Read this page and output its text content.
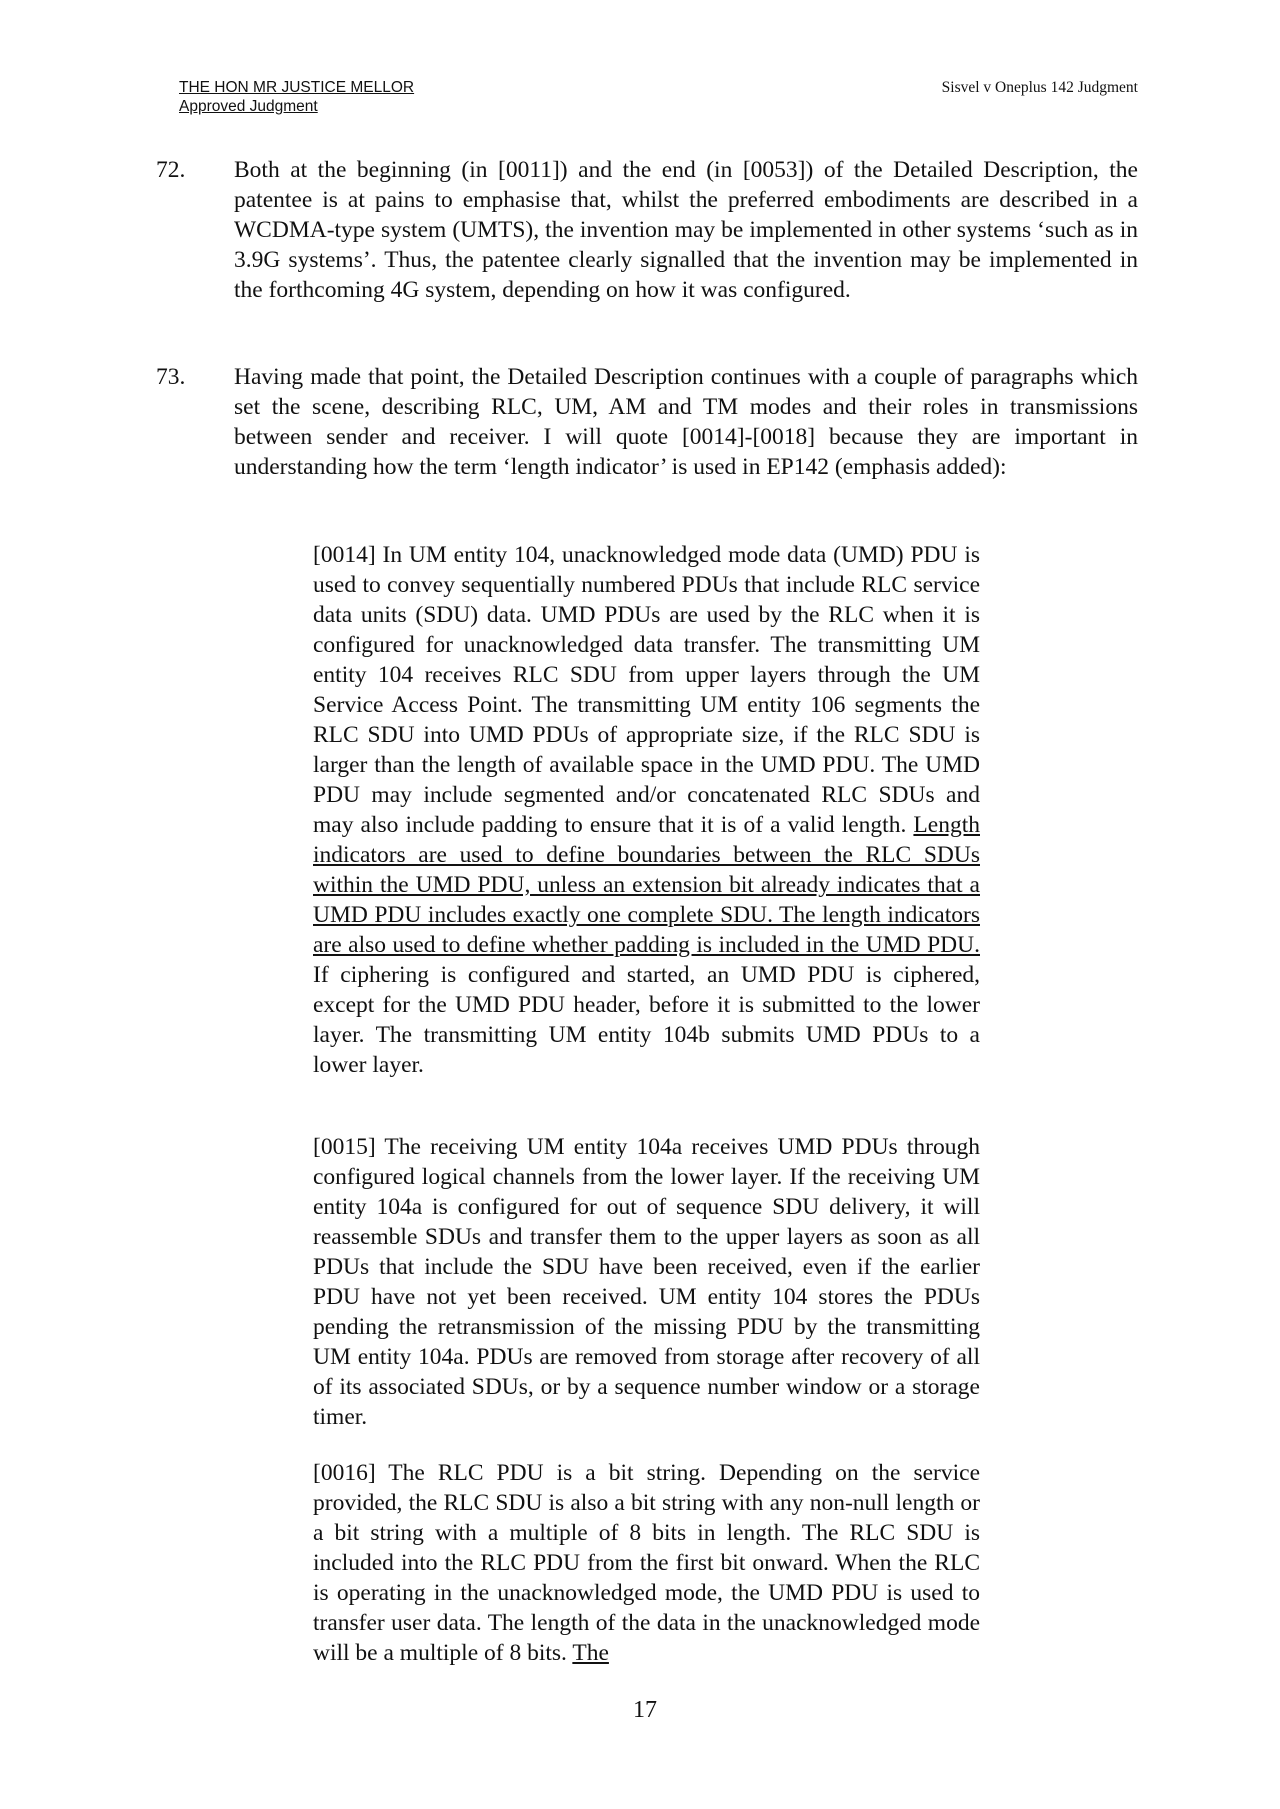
THE HON MR JUSTICE MELLOR
Approved Judgment
Sisvel v Oneplus 142 Judgment
72. Both at the beginning (in [0011]) and the end (in [0053]) of the Detailed Description, the patentee is at pains to emphasise that, whilst the preferred embodiments are described in a WCDMA-type system (UMTS), the invention may be implemented in other systems ‘such as in 3.9G systems’. Thus, the patentee clearly signalled that the invention may be implemented in the forthcoming 4G system, depending on how it was configured.
73. Having made that point, the Detailed Description continues with a couple of paragraphs which set the scene, describing RLC, UM, AM and TM modes and their roles in transmissions between sender and receiver. I will quote [0014]-[0018] because they are important in understanding how the term ‘length indicator’ is used in EP142 (emphasis added):
[0014] In UM entity 104, unacknowledged mode data (UMD) PDU is used to convey sequentially numbered PDUs that include RLC service data units (SDU) data. UMD PDUs are used by the RLC when it is configured for unacknowledged data transfer. The transmitting UM entity 104 receives RLC SDU from upper layers through the UM Service Access Point. The transmitting UM entity 106 segments the RLC SDU into UMD PDUs of appropriate size, if the RLC SDU is larger than the length of available space in the UMD PDU. The UMD PDU may include segmented and/or concatenated RLC SDUs and may also include padding to ensure that it is of a valid length. Length indicators are used to define boundaries between the RLC SDUs within the UMD PDU, unless an extension bit already indicates that a UMD PDU includes exactly one complete SDU. The length indicators are also used to define whether padding is included in the UMD PDU. If ciphering is configured and started, an UMD PDU is ciphered, except for the UMD PDU header, before it is submitted to the lower layer. The transmitting UM entity 104b submits UMD PDUs to a lower layer.
[0015] The receiving UM entity 104a receives UMD PDUs through configured logical channels from the lower layer. If the receiving UM entity 104a is configured for out of sequence SDU delivery, it will reassemble SDUs and transfer them to the upper layers as soon as all PDUs that include the SDU have been received, even if the earlier PDU have not yet been received. UM entity 104 stores the PDUs pending the retransmission of the missing PDU by the transmitting UM entity 104a. PDUs are removed from storage after recovery of all of its associated SDUs, or by a sequence number window or a storage timer.
[0016] The RLC PDU is a bit string. Depending on the service provided, the RLC SDU is also a bit string with any non-null length or a bit string with a multiple of 8 bits in length. The RLC SDU is included into the RLC PDU from the first bit onward. When the RLC is operating in the unacknowledged mode, the UMD PDU is used to transfer user data. The length of the data in the unacknowledged mode will be a multiple of 8 bits. The
17
